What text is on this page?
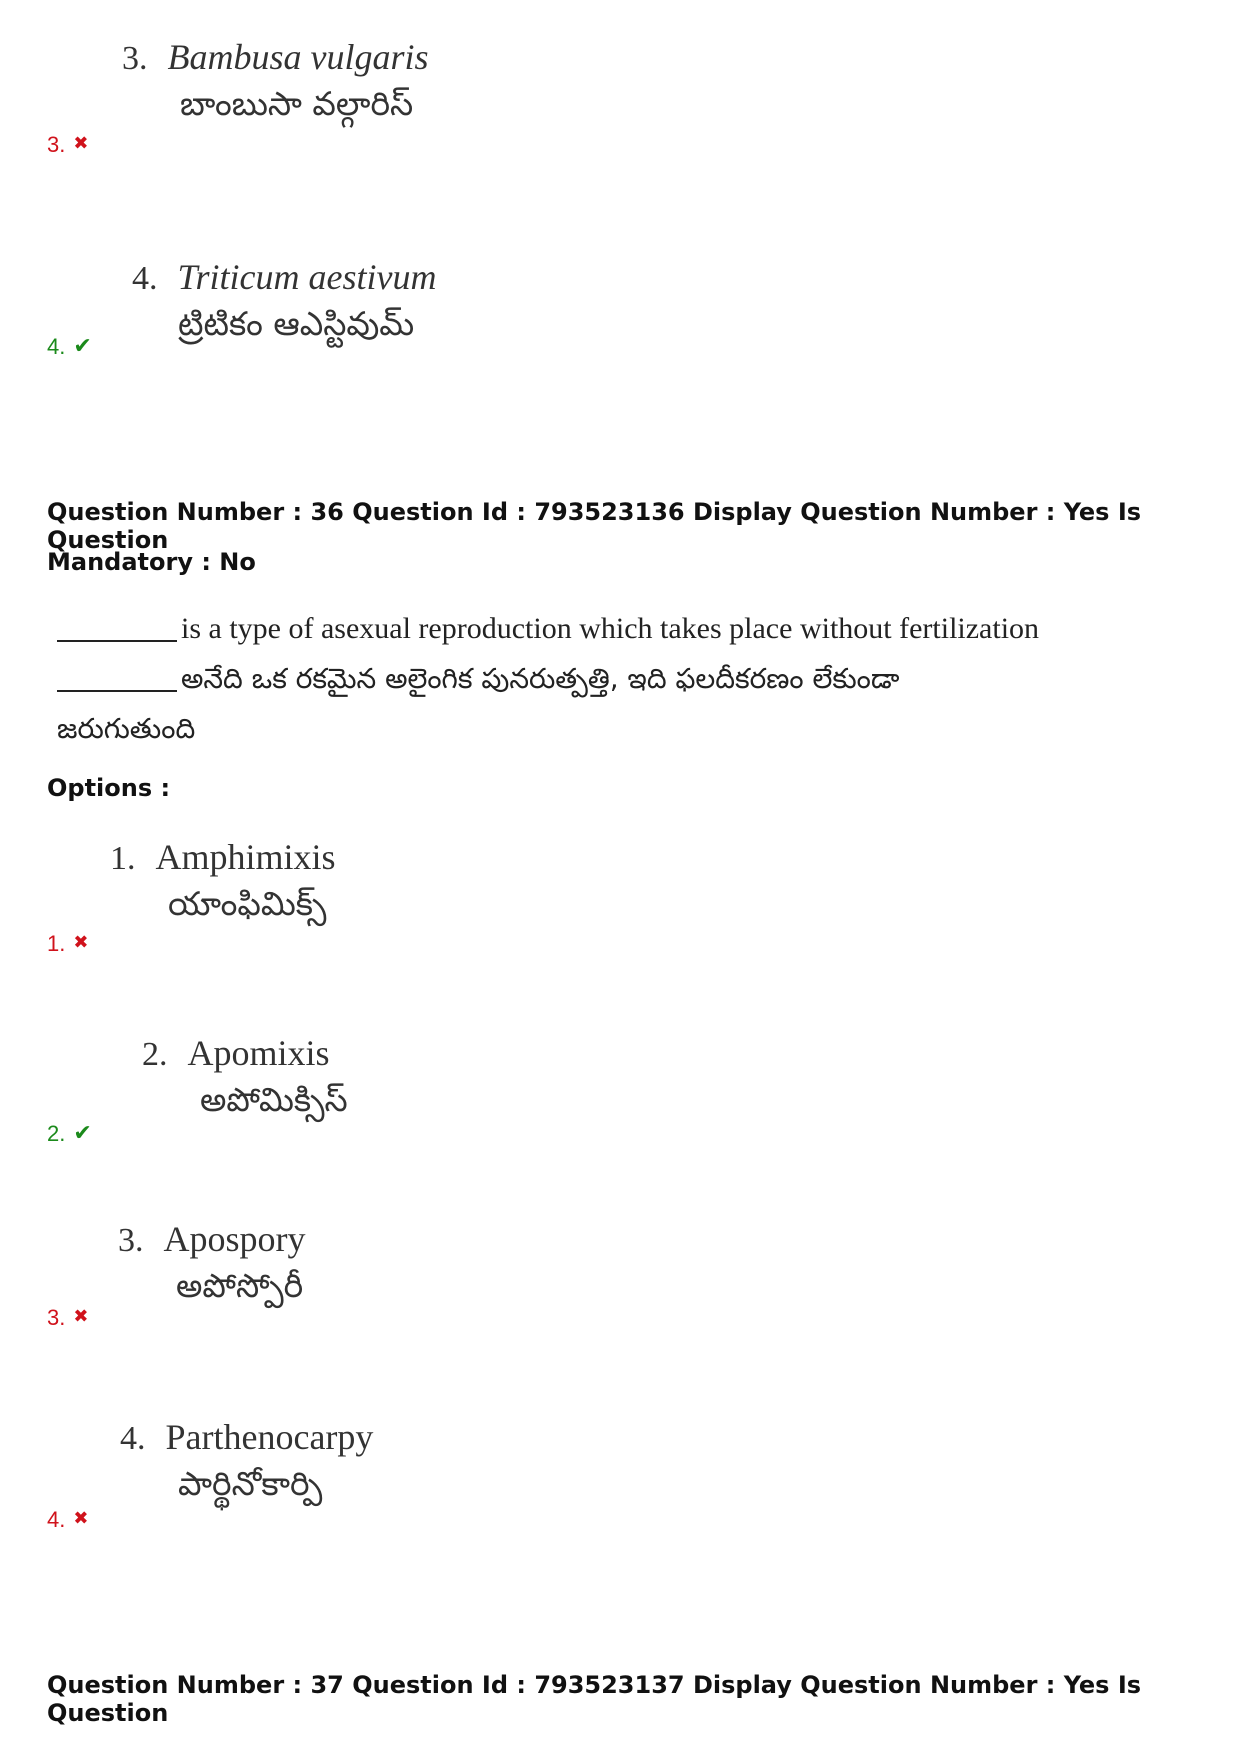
3. Bambusa vulgaris
బాంబుసా వల్గారిస్
3. ✖
4. Triticum aestivum
ట్రిటికం ఆఎస్టివుమ్
4. ✔
Question Number : 36 Question Id : 793523136 Display Question Number : Yes Is Question
Mandatory : No
is a type of asexual reproduction which takes place without fertilization
అనేది ఒక రకమైన అలైంగిక పునరుత్పత్తి, ఇది ఫలదీకరణం లేకుండా
జరుగుతుంది
Options :
1. Amphimixis
యాంఫిమిక్స్
1. ✖
2. Apomixis
అపోమిక్సిస్
2. ✔
3. Apospory
అపోస్పోరీ
3. ✖
4. Parthenocarpy
పార్థినోకార్పి
4. ✖
Question Number : 37 Question Id : 793523137 Display Question Number : Yes Is Question
